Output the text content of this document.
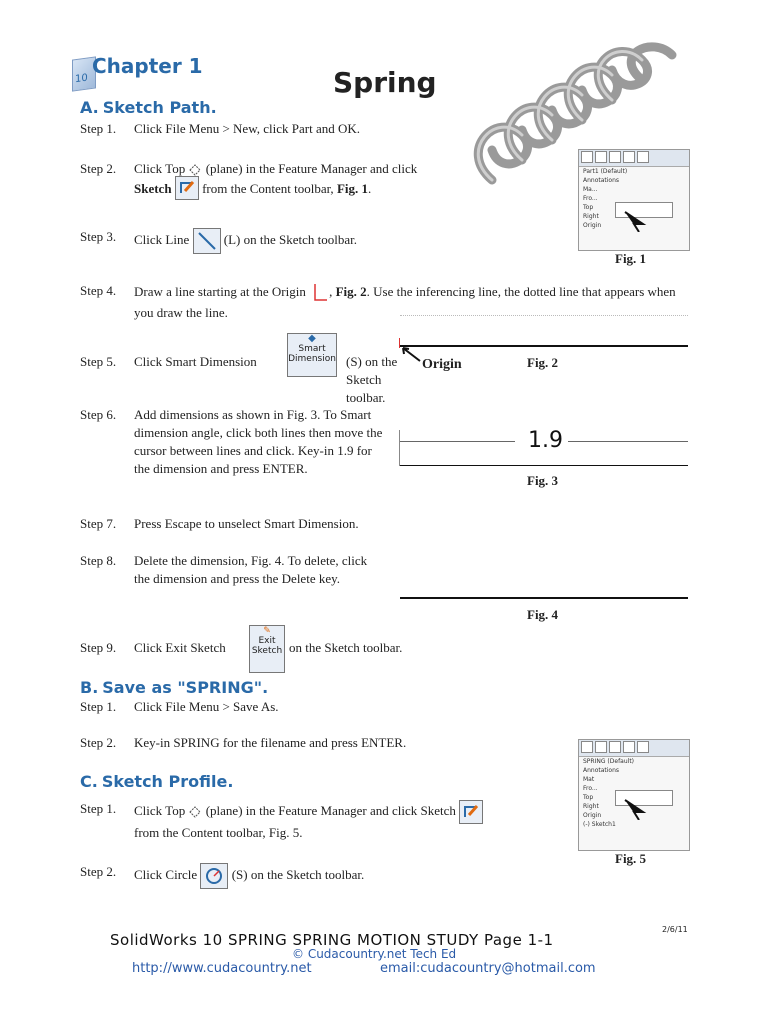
10
Chapter 1	Spring
A. Sketch Path.
Step 1.	Click File Menu > New, click Part and OK.
Step 2.	Click Top (plane) in the Feature Manager and click
Sketch from the Content toolbar, Fig. 1.
Step 3.	Click Line	(L) on the Sketch toolbar.
Step 4.	Draw a line starting at the Origin , Fig. 2. Use the inferencing line, the dotted line that appears when you draw the line.
Step 5.	Click Smart Dimension
◆
Smart
Dimension (S) on the Sketch toolbar.
Step 6.	Add dimensions as shown in Fig. 3. To Smart dimension angle, click both lines then move the cursor between lines and click. Key-in 1.9 for the dimension and press ENTER.
Step 7.	Press Escape to unselect Smart Dimension.
Step 8.	Delete the dimension, Fig. 4. To delete, click the dimension and press the Delete key.
Step 9.	Click Exit Sketch
✎
Exit
Sketch on the Sketch toolbar.
B. Save as "SPRING".
Step 1.	Click File Menu > Save As.
Step 2.	Key-in SPRING for the filename and press ENTER.
C. Sketch Profile.
Step 1.	Click Top (plane) in the Feature Manager and click Sketch
from the Content toolbar, Fig. 5.
Step 2.	Click Circle	(S) on the Sketch toolbar.
Part1 (Default)
Annotations
Ma...
Fro...
Top
Right
Origin
Fig. 1
Origin	Fig. 2
1.9
Fig. 3
Fig. 4
SPRING (Default)
Annotations
Mat
Fro...
Top
Right
Origin
(-) Sketch1
Fig. 5
SolidWorks 10 SPRING SPRING MOTION STUDY Page 1-1
2/6/11
© Cudacountry.net Tech Ed
http://www.cudacountry.net	email:cudacountry@hotmail.com
